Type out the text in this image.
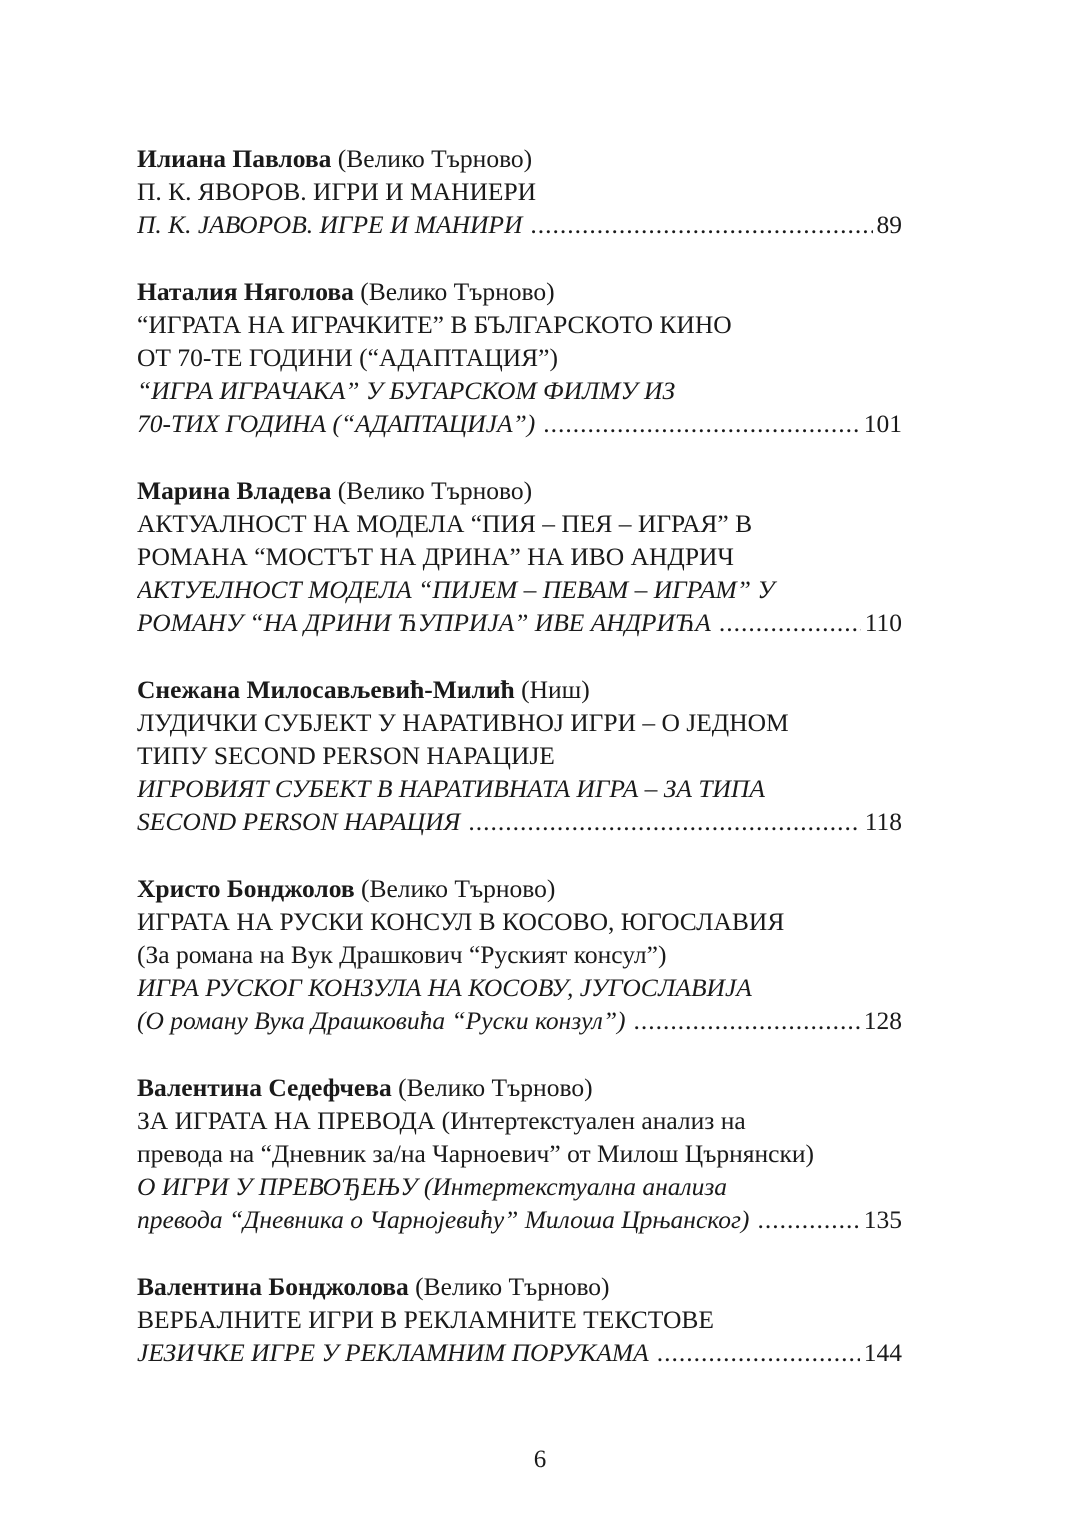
Илиана Павлова (Велико Търново)
П. К. ЯВОРОВ. ИГРИ И МАНИЕРИ
П. К. ЈАВОРОВ. ИГРЕ И МАНИРИ .....	89
Наталия Няголова (Велико Търново)
“ИГРАТА НА ИГРАЧКИТЕ” В БЪЛГАРСКОТО КИНО
ОТ 70-ТЕ ГОДИНИ (“АДАПТАЦИЯ”)
“ИГРА ИГРАЧАКА” У БУГАРСКОМ ФИЛМУ ИЗ
70-ТИХ ГОДИНА (“АДАПТАЦИЈА”) .....	101
Марина Владева (Велико Търново)
АКТУАЛНОСТ НА МОДЕЛА “ПИЯ – ПЕЯ – ИГРАЯ” В
РОМАНА “МОСТЪТ НА ДРИНА” НА ИВО АНДРИЧ
АКТУЕЛНОСТ МОДЕЛА “ПИЈЕМ – ПЕВАМ – ИГРАМ” У
РОМАНУ “НА ДРИНИ ЋУПРИЈА” ИВЕ АНДРИЋА .....	110
Снежана Милосављевић-Милић (Ниш)
ЛУДИЧКИ СУБЈЕКТ У НАРАТИВНОЈ ИГРИ – О ЈЕДНОМ
ТИПУ SECOND PERSON НАРАЦИЈЕ
ИГРОВИЯТ СУБЕКТ В НАРАТИВНАТА ИГРА – ЗА ТИПА
SECOND PERSON НАРАЦИЯ .....	118
Христо Бонджолов (Велико Търново)
ИГРАТА НА РУСКИ КОНСУЛ В КОСОВО, ЮГОСЛАВИЯ
(За романа на Вук Драшкович “Руският консул”)
ИГРА РУСКОГ КОНЗУЛА НА КОСОВУ, ЈУГОСЛАВИЈА
(О роману Вука Драшковића “Руски конзул”) .....	128
Валентина Седефчева (Велико Търново)
ЗА ИГРАТА НА ПРЕВОДА (Интертекстуален анализ на
превода на “Дневник за/на Чарноевич” от Милош Църнянски)
О ИГРИ У ПРЕВОЂЕЊУ (Интертекстуална анализа
превода “Дневника о Чарнојевићу” Милоша Црњанског) .....	135
Валентина Бонджолова (Велико Търново)
ВЕРБАЛНИТЕ ИГРИ В РЕКЛАМНИТЕ ТЕКСТОВЕ
ЈЕЗИЧКЕ ИГРЕ У РЕКЛАМНИМ ПОРУКАМА .....	144
6
